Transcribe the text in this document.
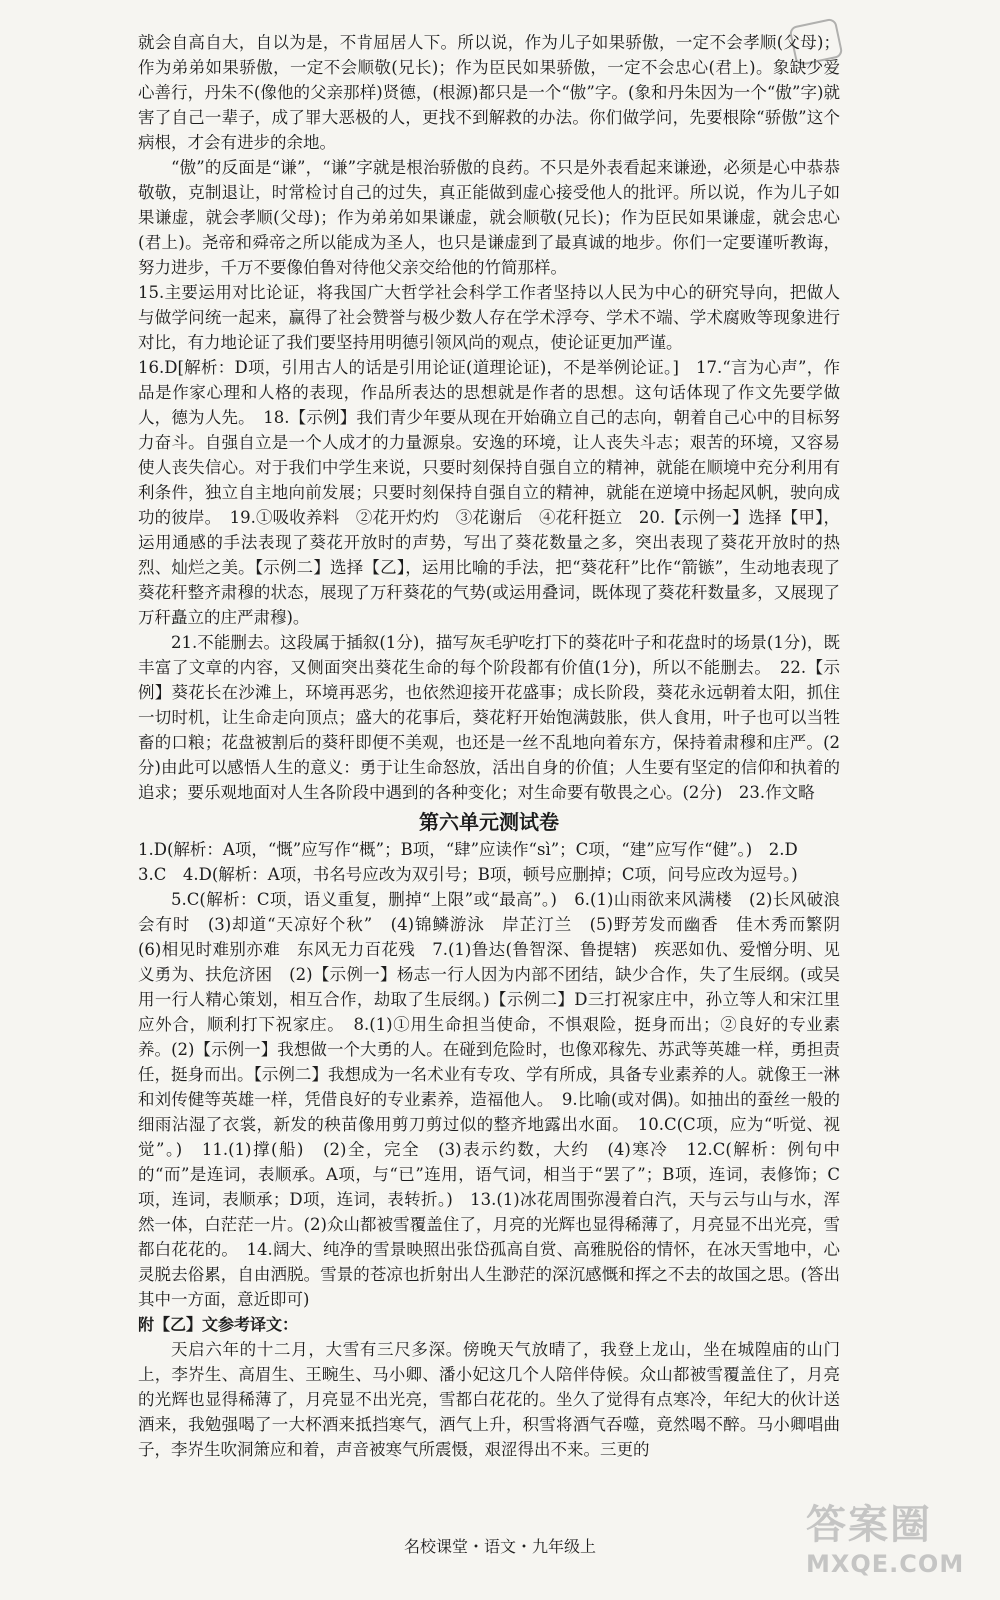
就会自高自大，自以为是，不肯屈居人下。所以说，作为儿子如果骄傲，一定不会孝顺(父母)；作为弟弟如果骄傲，一定不会顺敬(兄长)；作为臣民如果骄傲，一定不会忠心(君上)。象缺少爱心善行，丹朱不(像他的父亲那样)贤德，(根源)都只是一个“傲”字。(象和丹朱因为一个“傲”字)就害了自己一辈子，成了罪大恶极的人，更找不到解救的办法。你们做学问，先要根除“骄傲”这个病根，才会有进步的余地。

“傲”的反面是“谦”，“谦”字就是根治骄傲的良药。不只是外表看起来谦逊，必须是心中恭恭敬敬，克制退让，时常检讨自己的过失，真正能做到虚心接受他人的批评。所以说，作为儿子如果谦虚，就会孝顺(父母)；作为弟弟如果谦虚，就会顺敬(兄长)；作为臣民如果谦虚，就会忠心(君上)。尧帝和舜帝之所以能成为圣人，也只是谦虚到了最真诚的地步。你们一定要谨听教诲，努力进步，千万不要像伯鲁对待他父亲交给他的竹简那样。

15.主要运用对比论证，将我国广大哲学社会科学工作者坚持以人民为中心的研究导向，把做人与做学问统一起来，赢得了社会赞誉与极少数人存在学术浮夸、学术不端、学术腐败等现象进行对比，有力地论证了我们要坚持用明德引领风尚的观点，使论证更加严谨。

16.D[解析：D项，引用古人的话是引用论证(道理论证)，不是举例论证。]　17.“言为心声”，作品是作家心理和人格的表现，作品所表达的思想就是作者的思想。这句话体现了作文先要学做人，德为人先。　18.【示例】我们青少年要从现在开始确立自己的志向，朝着自己心中的目标努力奋斗。自强自立是一个人成才的力量源泉。安逸的环境，让人丧失斗志；艰苦的环境，又容易使人丧失信心。对于我们中学生来说，只要时刻保持自强自立的精神，就能在顺境中充分利用有利条件，独立自主地向前发展；只要时刻保持自强自立的精神，就能在逆境中扬起风帆，驶向成功的彼岸。　19.①吸收养料　②花开灼灼　③花谢后　④花秆挺立　20.【示例一】选择【甲】，运用通感的手法表现了葵花开放时的声势，写出了葵花数量之多，突出表现了葵花开放时的热烈、灿烂之美。【示例二】选择【乙】，运用比喻的手法，把“葵花秆”比作“箭镞”，生动地表现了葵花秆整齐肃穆的状态，展现了万秆葵花的气势(或运用叠词，既体现了葵花秆数量多，又展现了万秆矗立的庄严肃穆)。

21.不能删去。这段属于插叙(1分)，描写灰毛驴吃打下的葵花叶子和花盘时的场景(1分)，既丰富了文章的内容，又侧面突出葵花生命的每个阶段都有价值(1分)，所以不能删去。　22.【示例】葵花长在沙滩上，环境再恶劣，也依然迎接开花盛事；成长阶段，葵花永远朝着太阳，抓住一切时机，让生命走向顶点；盛大的花事后，葵花籽开始饱满鼓胀，供人食用，叶子也可以当牲畜的口粮；花盘被割后的葵秆即便不美观，也还是一丝不乱地向着东方，保持着肃穆和庄严。(2分)由此可以感悟人生的意义：勇于让生命怒放，活出自身的价值；人生要有坚定的信仰和执着的追求；要乐观地面对人生各阶段中遇到的各种变化；对生命要有敬畏之心。(2分)　23.作文略

第六单元测试卷

1.D(解析：A项，“慨”应写作“概”；B项，“肆”应读作“sì”；C项，“建”应写作“健”。)　2.D

3.C　4.D(解析：A项，书名号应改为双引号；B项，顿号应删掉；C项，问号应改为逗号。)

5.C(解析：C项，语义重复，删掉“上限”或“最高”。)　6.(1)山雨欲来风满楼　(2)长风破浪会有时　(3)却道“天凉好个秋”　(4)锦鳞游泳　岸芷汀兰　(5)野芳发而幽香　佳木秀而繁阴　(6)相见时难别亦难　东风无力百花残　7.(1)鲁达(鲁智深、鲁提辖)　疾恶如仇、爱憎分明、见义勇为、扶危济困　(2)【示例一】杨志一行人因为内部不团结，缺少合作，失了生辰纲。(或吴用一行人精心策划，相互合作，劫取了生辰纲。)【示例二】D三打祝家庄中，孙立等人和宋江里应外合，顺利打下祝家庄。　8.(1)①用生命担当使命，不惧艰险，挺身而出；②良好的专业素养。(2)【示例一】我想做一个大勇的人。在碰到危险时，也像邓稼先、苏武等英雄一样，勇担责任，挺身而出。【示例二】我想成为一名术业有专攻、学有所成，具备专业素养的人。就像王一淋和刘传健等英雄一样，凭借良好的专业素养，造福他人。　9.比喻(或对偶)。如抽出的蚕丝一般的细雨沾湿了衣裳，新发的秧苗像用剪刀剪过似的整齐地露出水面。　10.C(C项，应为“听觉、视觉”。)　11.(1)撑(船)　(2)全，完全　(3)表示约数，大约　(4)寒冷　12.C(解析：例句中的“而”是连词，表顺承。A项，与“已”连用，语气词，相当于“罢了”；B项，连词，表修饰；C项，连词，表顺承；D项，连词，表转折。)　13.(1)冰花周围弥漫着白汽，天与云与山与水，浑然一体，白茫茫一片。(2)众山都被雪覆盖住了，月亮的光辉也显得稀薄了，月亮显不出光亮，雪都白花花的。　14.阔大、纯净的雪景映照出张岱孤高自赏、高雅脱俗的情怀，在冰天雪地中，心灵脱去俗累，自由洒脱。雪景的苍凉也折射出人生渺茫的深沉感慨和挥之不去的故国之思。(答出其中一方面，意近即可)

附【乙】文参考译文：

天启六年的十二月，大雪有三尺多深。傍晚天气放晴了，我登上龙山，坐在城隍庙的山门上，李岕生、高眉生、王畹生、马小卿、潘小妃这几个人陪伴侍候。众山都被雪覆盖住了，月亮的光辉也显得稀薄了，月亮显不出光亮，雪都白花花的。坐久了觉得有点寒冷，年纪大的伙计送酒来，我勉强喝了一大杯酒来抵挡寒气，酒气上升，积雪将酒气吞噬，竟然喝不醉。马小卿唱曲子，李岕生吹洞箫应和着，声音被寒气所震慑，艰涩得出不来。三更的

名校课堂・语文・九年级上	答案圈
MXQE.COM
